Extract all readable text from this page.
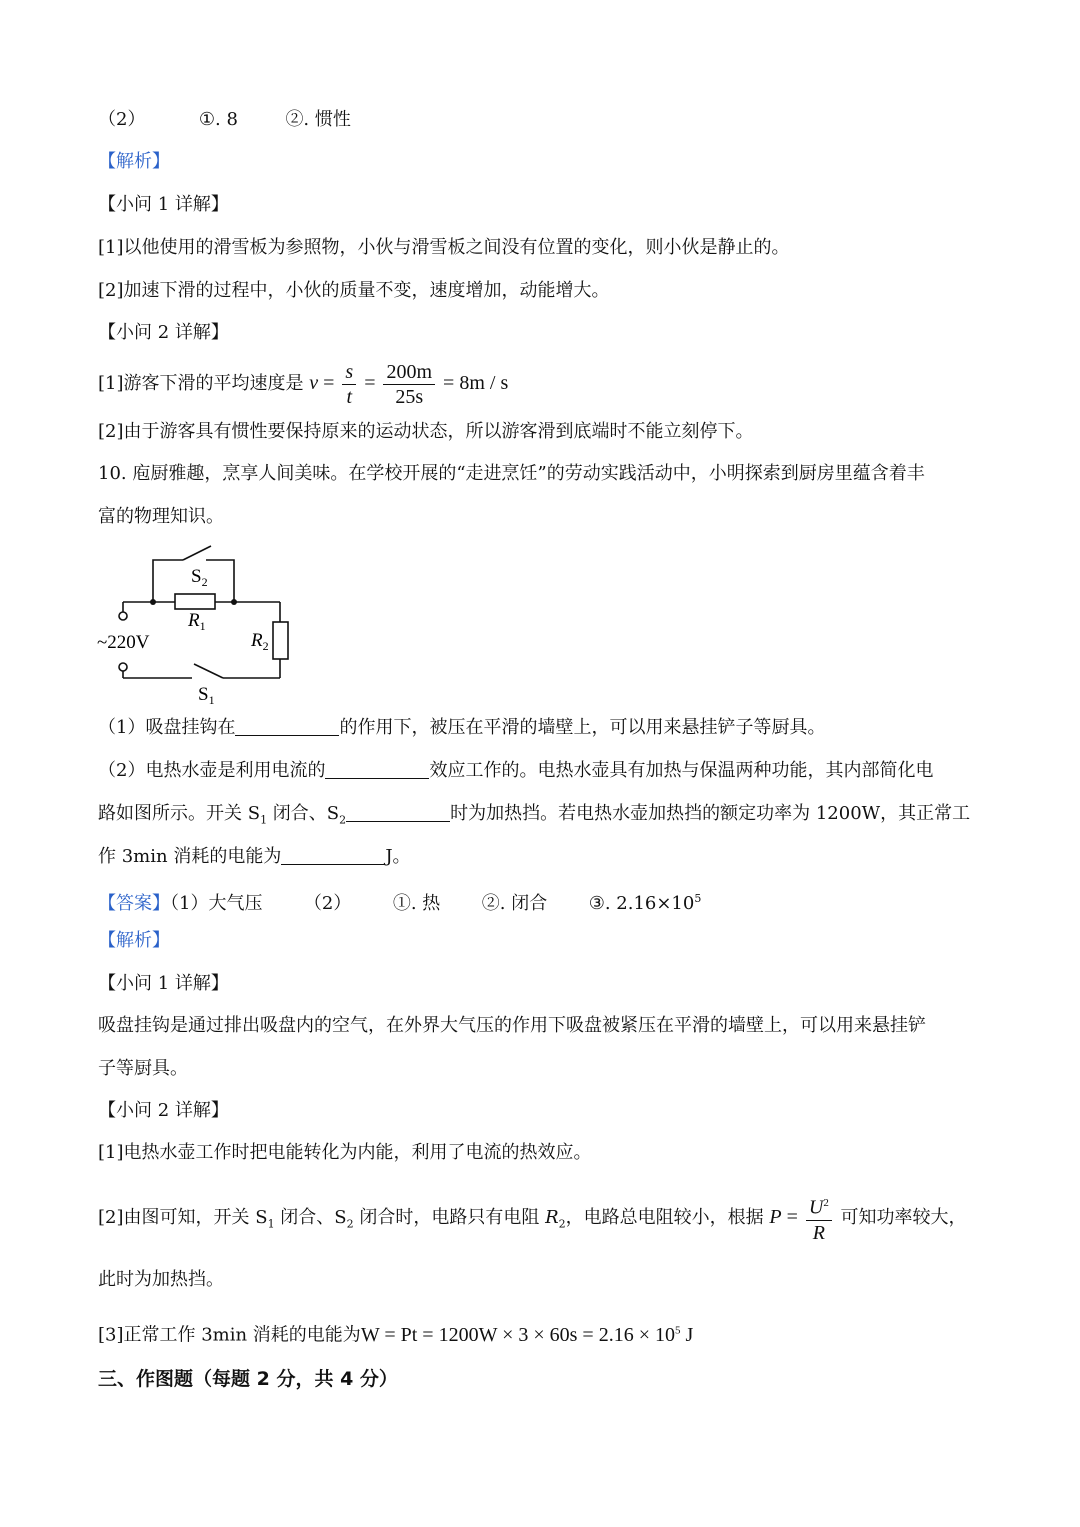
（2）	①. 8	②. 惯性
【解析】
【小问 1 详解】
[1]以他使用的滑雪板为参照物，小伙与滑雪板之间没有位置的变化，则小伙是静止的。
[2]加速下滑的过程中，小伙的质量不变，速度增加，动能增大。
【小问 2 详解】
[1]游客下滑的平均速度是 $v = \frac{s}{t} = \frac{200m}{25s} = 8m / s$
[2]由于游客具有惯性要保持原来的运动状态，所以游客滑到底端时不能立刻停下。
10. 庖厨雅趣，烹享人间美味。在学校开展的“走进烹饪”的劳动实践活动中，小明探索到厨房里蕴含着丰
富的物理知识。
$S_2$
$R_1$
~220V	$R_2$
$S_1$
（1）吸盘挂钩在	的作用下，被压在平滑的墙壁上，可以用来悬挂铲子等厨具。
（2）电热水壶是利用电流的	效应工作的。电热水壶具有加热与保温两种功能，其内部简化电
路如图所示。开关 $S_1$ 闭合、$S_2$	时为加热挡。若电热水壶加热挡的额定功率为 1200W，其正常工
作 3min 消耗的电能为	J。
【答案】（1）大气压 （2） ①. 热 ②. 闭合 ③. $2.16\times 10^5$
【解析】
【小问 1 详解】
吸盘挂钩是通过排出吸盘内的空气，在外界大气压的作用下吸盘被紧压在平滑的墙壁上，可以用来悬挂铲
子等厨具。
【小问 2 详解】
[1]电热水壶工作时把电能转化为内能，利用了电流的热效应。
[2]由图可知，开关 $S_1$ 闭合、$S_2$ 闭合时，电路只有电阻 $R_2$，电路总电阻较小，根据 $P = \frac{U^2}{R}$ 可知功率较大，
此时为加热挡。
[3]正常工作 3min 消耗的电能为$W = Pt = 1200W \times 3 \times 60s = 2.16 \times 10^5$ J
三、作图题（每题 2 分，共 4 分）
